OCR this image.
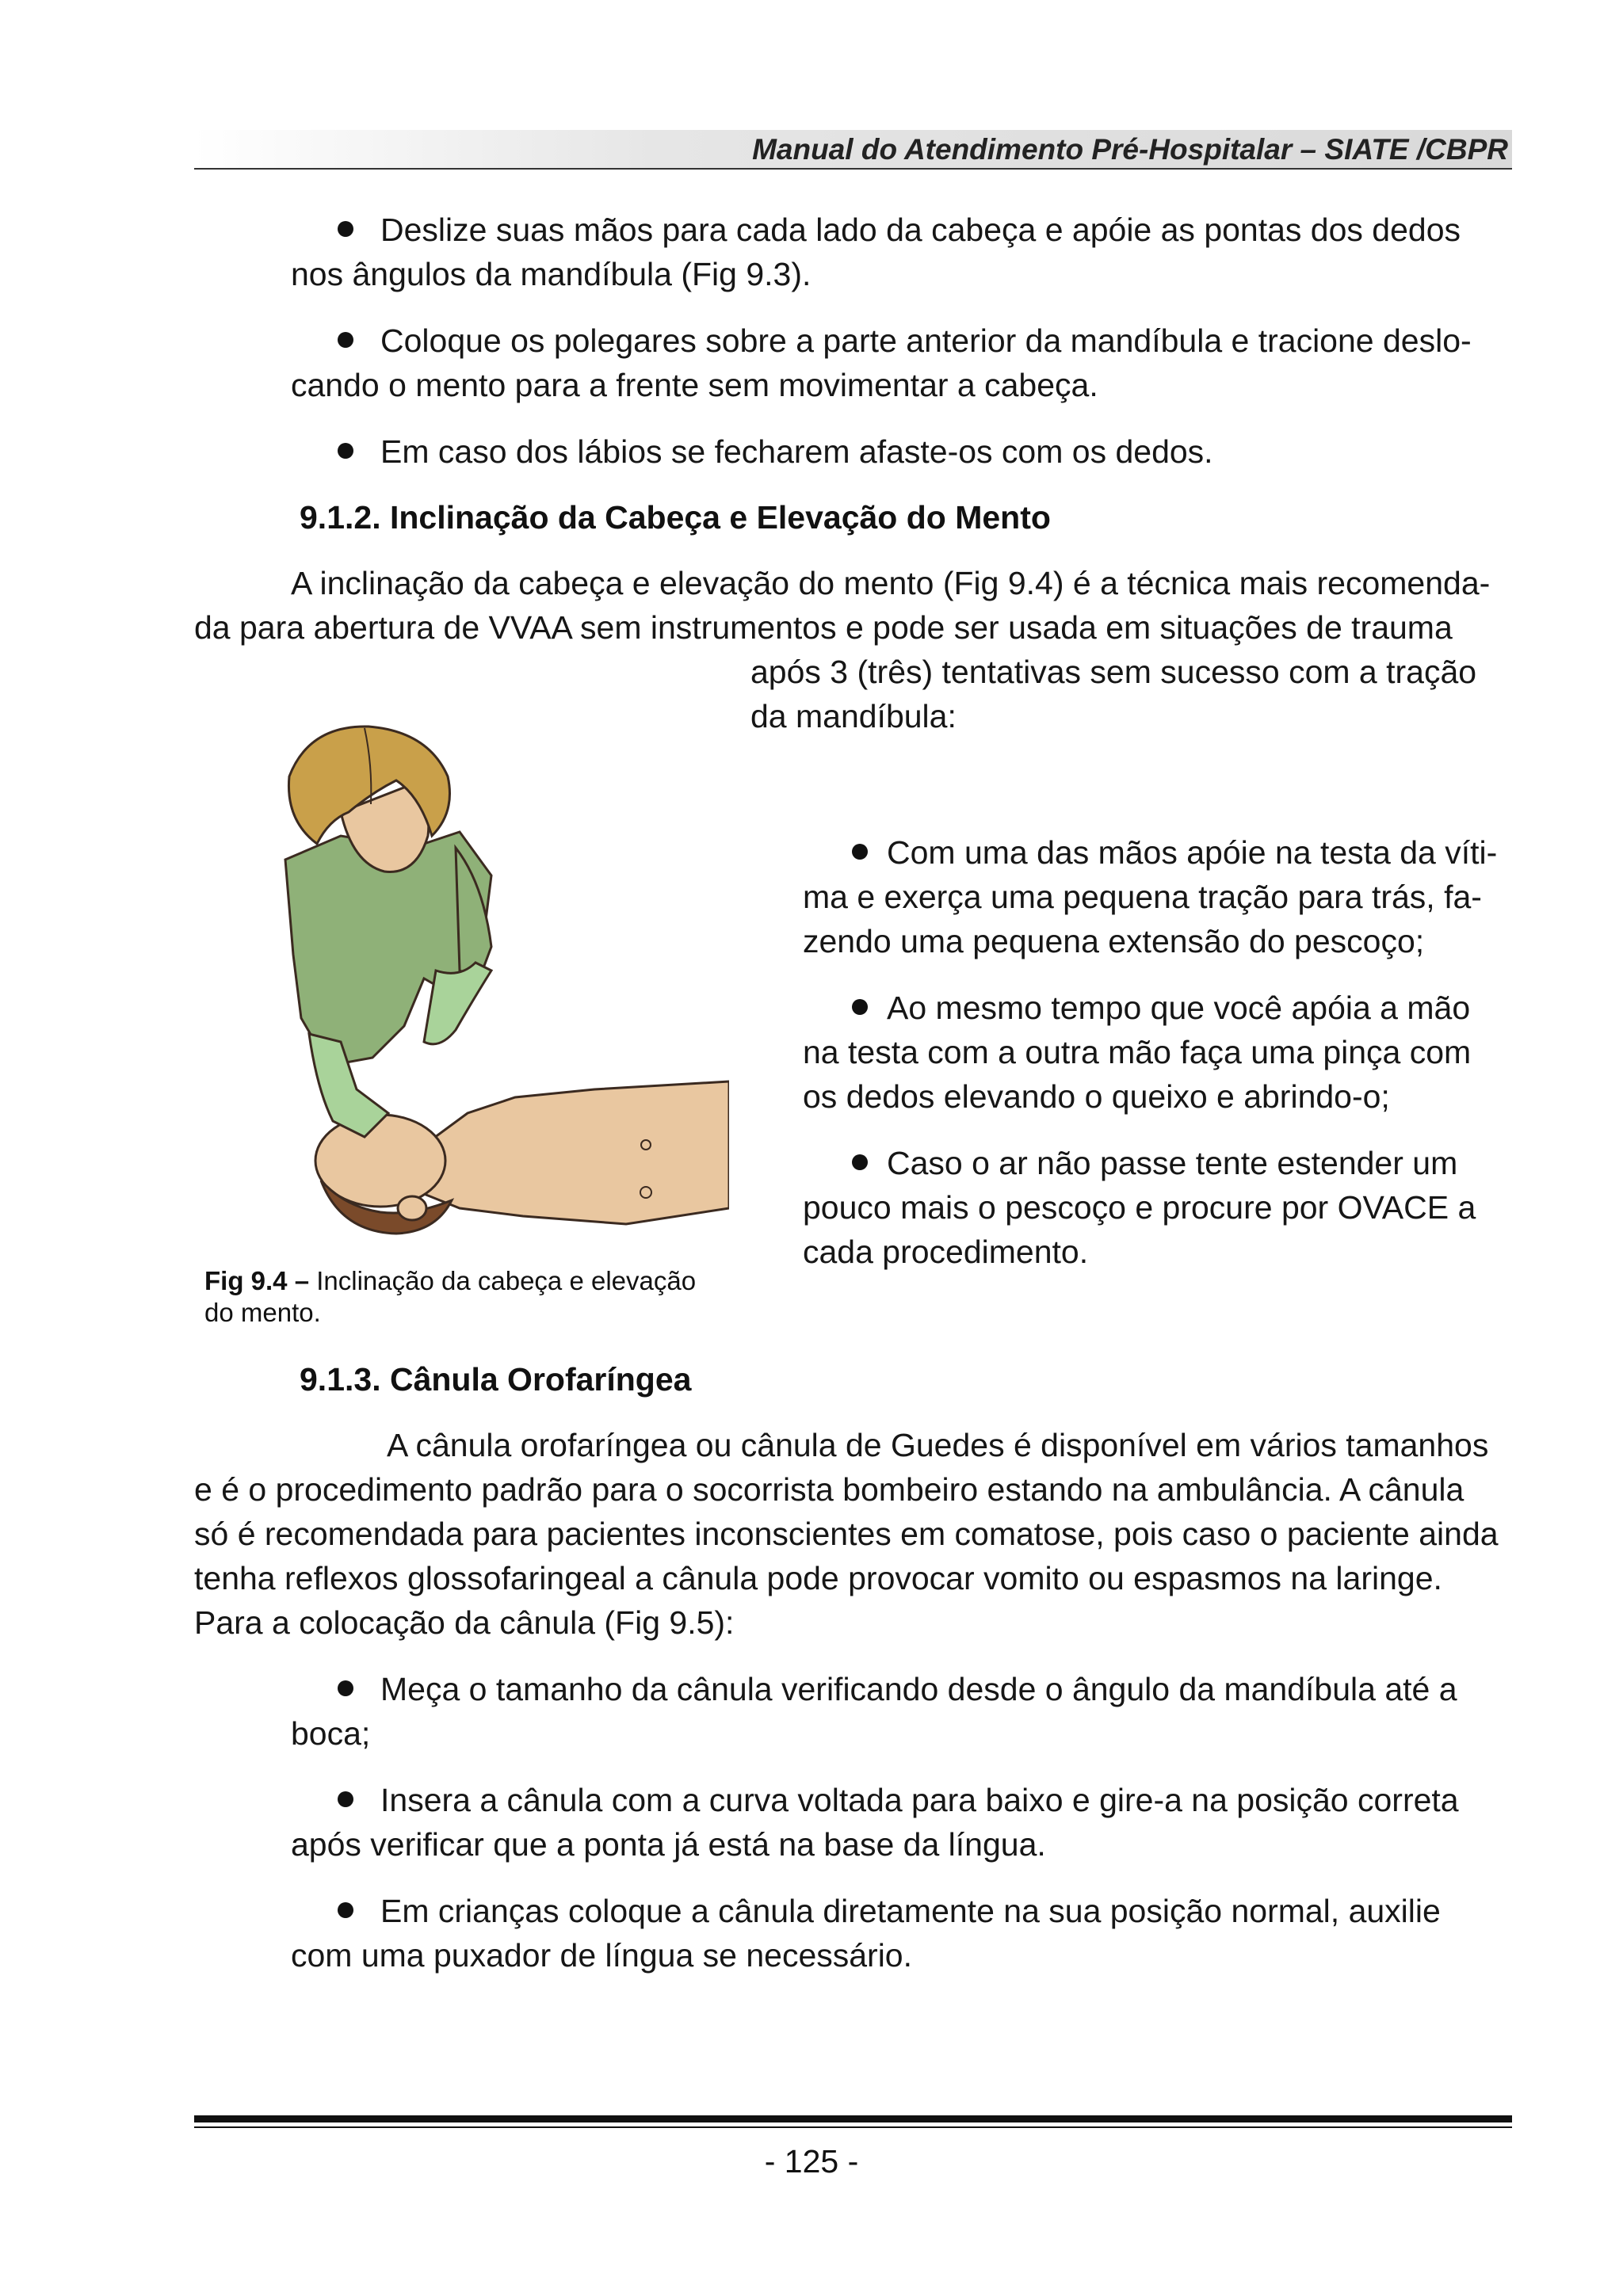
Manual do Atendimento Pré-Hospitalar – SIATE /CBPR
Deslize suas mãos para cada lado da cabeça e apóie as pontas dos dedos
nos ângulos da mandíbula (Fig 9.3).
Coloque os polegares sobre a parte anterior da mandíbula e tracione deslo-
cando o mento para a frente sem movimentar a cabeça.
Em caso dos lábios se fecharem afaste-os com os dedos.
9.1.2. Inclinação da Cabeça e Elevação do Mento
A inclinação da cabeça e elevação do mento (Fig 9.4) é a técnica mais recomenda-
da para abertura de VVAA sem instrumentos e pode ser usada em situações de trauma
após 3 (três) tentativas sem sucesso com a tração
da mandíbula:
Fig 9.4 – Inclinação da cabeça e elevação
do mento.
Com uma das mãos apóie na testa da víti-
ma e exerça uma pequena tração para trás, fa-
zendo uma pequena extensão do pescoço;
Ao mesmo tempo que você apóia a mão
na testa com a outra mão faça uma pinça com
os dedos elevando o queixo e abrindo-o;
Caso o ar não passe tente estender um
pouco mais o pescoço e procure por OVACE a
cada procedimento.
9.1.3. Cânula Orofaríngea
A cânula orofaríngea ou cânula de Guedes é disponível em vários tamanhos
e é o procedimento padrão para o socorrista bombeiro estando na ambulância. A cânula
só é recomendada para pacientes inconscientes em comatose, pois caso o paciente ainda
tenha reflexos glossofaringeal a cânula pode provocar vomito ou espasmos na laringe.
Para a colocação da cânula (Fig 9.5):
Meça o tamanho da cânula verificando desde o ângulo da mandíbula até a
boca;
Insera a cânula com a curva voltada para baixo e gire-a na posição correta
após verificar que a ponta já está na base da língua.
Em crianças coloque a cânula diretamente na sua posição normal, auxilie
com uma puxador de língua se necessário.
- 125 -
